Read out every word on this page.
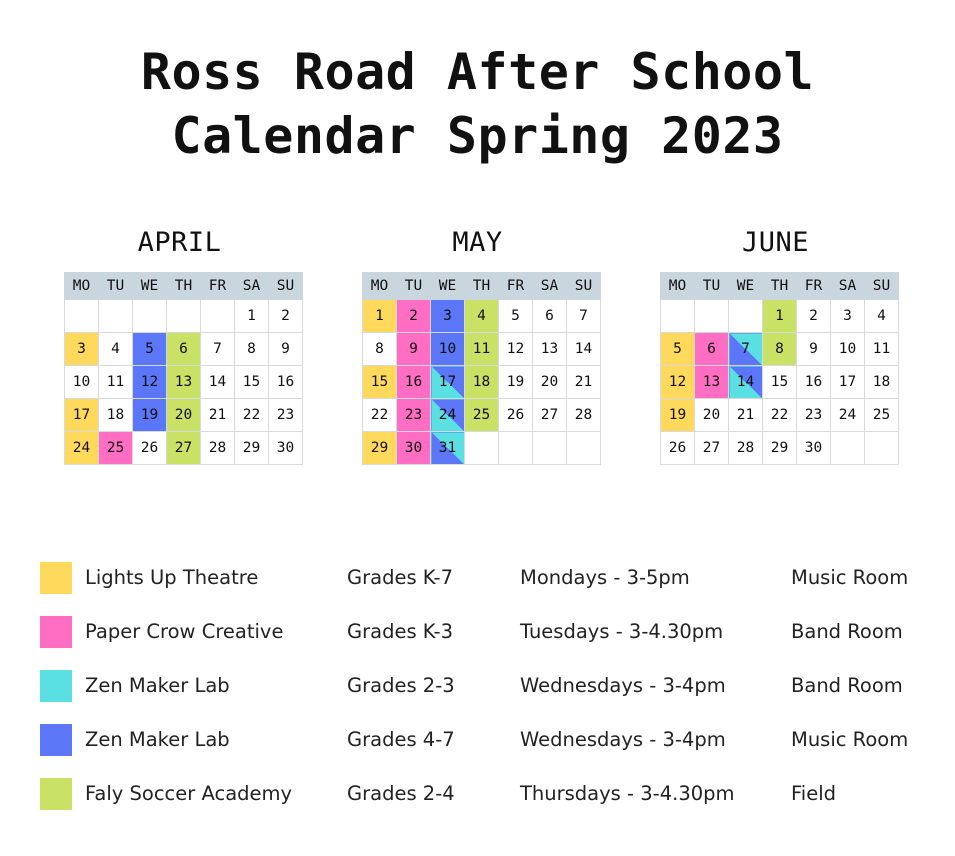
Ross Road After School
Calendar Spring 2023
APRIL
MO	TU	WE	TH	FR	SA	SU
					1	2
3	4	5	6	7	8	9
10	11	12	13	14	15	16
17	18	19	20	21	22	23
24	25	26	27	28	29	30
MAY
MO	TU	WE	TH	FR	SA	SU
1	2	3	4	5	6	7
8	9	10	11	12	13	14
15	16	17	18	19	20	21
22	23	24	25	26	27	28
29	30	31				
JUNE
MO	TU	WE	TH	FR	SA	SU
			1	2	3	4
5	6	7	8	9	10	11
12	13	14	15	16	17	18
19	20	21	22	23	24	25
26	27	28	29	30		
Lights Up Theatre	Grades K-7	Mondays - 3-5pm	Music Room
Paper Crow Creative	Grades K-3	Tuesdays - 3-4.30pm	Band Room
Zen Maker Lab	Grades 2-3	Wednesdays - 3-4pm	Band Room
Zen Maker Lab	Grades 4-7	Wednesdays - 3-4pm	Music Room
Faly Soccer Academy	Grades 2-4	Thursdays - 3-4.30pm	Field
